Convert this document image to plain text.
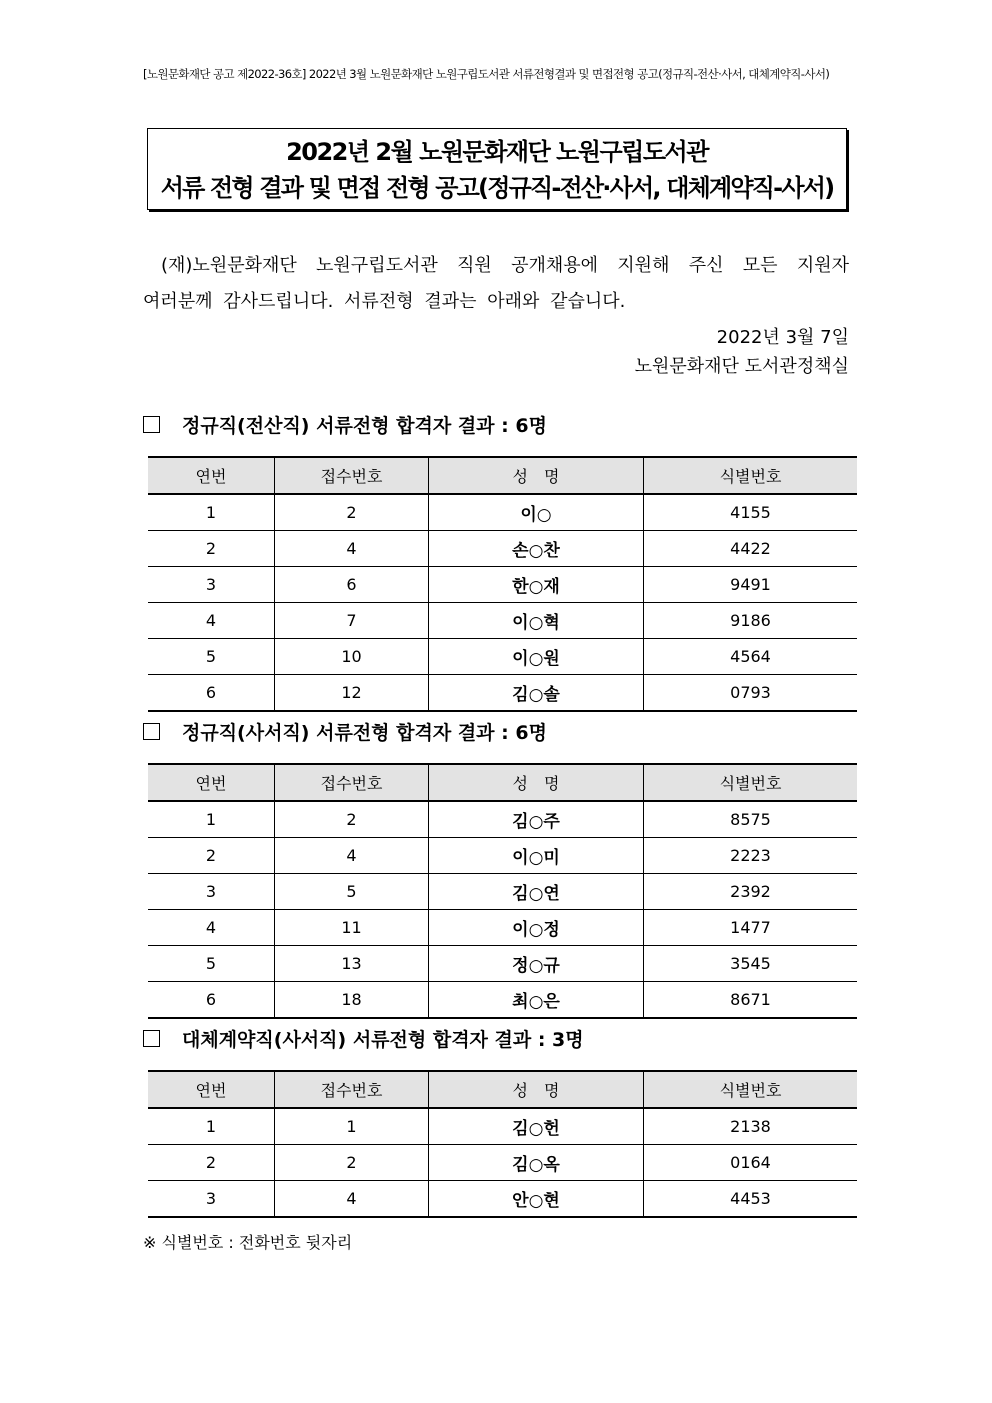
[노원문화재단 공고 제2022-36호] 2022년 3월 노원문화재단 노원구립도서관 서류전형결과 및 면접전형 공고(정규직-전산·사서, 대체계약직-사서)
2022년 2월 노원문화재단 노원구립도서관
서류 전형 결과 및 면접 전형 공고(정규직-전산·사서, 대체계약직-사서)
(재)노원문화재단 노원구립도서관 직원 공개채용에 지원해 주신 모든 지원자
여러분께 감사드립니다. 서류전형 결과는 아래와 같습니다.
2022년 3월 7일
노원문화재단 도서관정책실
정규직(전산직) 서류전형 합격자 결과 : 6명
연번	접수번호	성　명	식별번호
1	2	이○	4155
2	4	손○찬	4422
3	6	한○재	9491
4	7	이○혁	9186
5	10	이○원	4564
6	12	김○솔	0793
정규직(사서직) 서류전형 합격자 결과 : 6명
연번	접수번호	성　명	식별번호
1	2	김○주	8575
2	4	이○미	2223
3	5	김○연	2392
4	11	이○정	1477
5	13	정○규	3545
6	18	최○은	8671
대체계약직(사서직) 서류전형 합격자 결과 : 3명
연번	접수번호	성　명	식별번호
1	1	김○헌	2138
2	2	김○옥	0164
3	4	안○현	4453
※ 식별번호 : 전화번호 뒷자리
